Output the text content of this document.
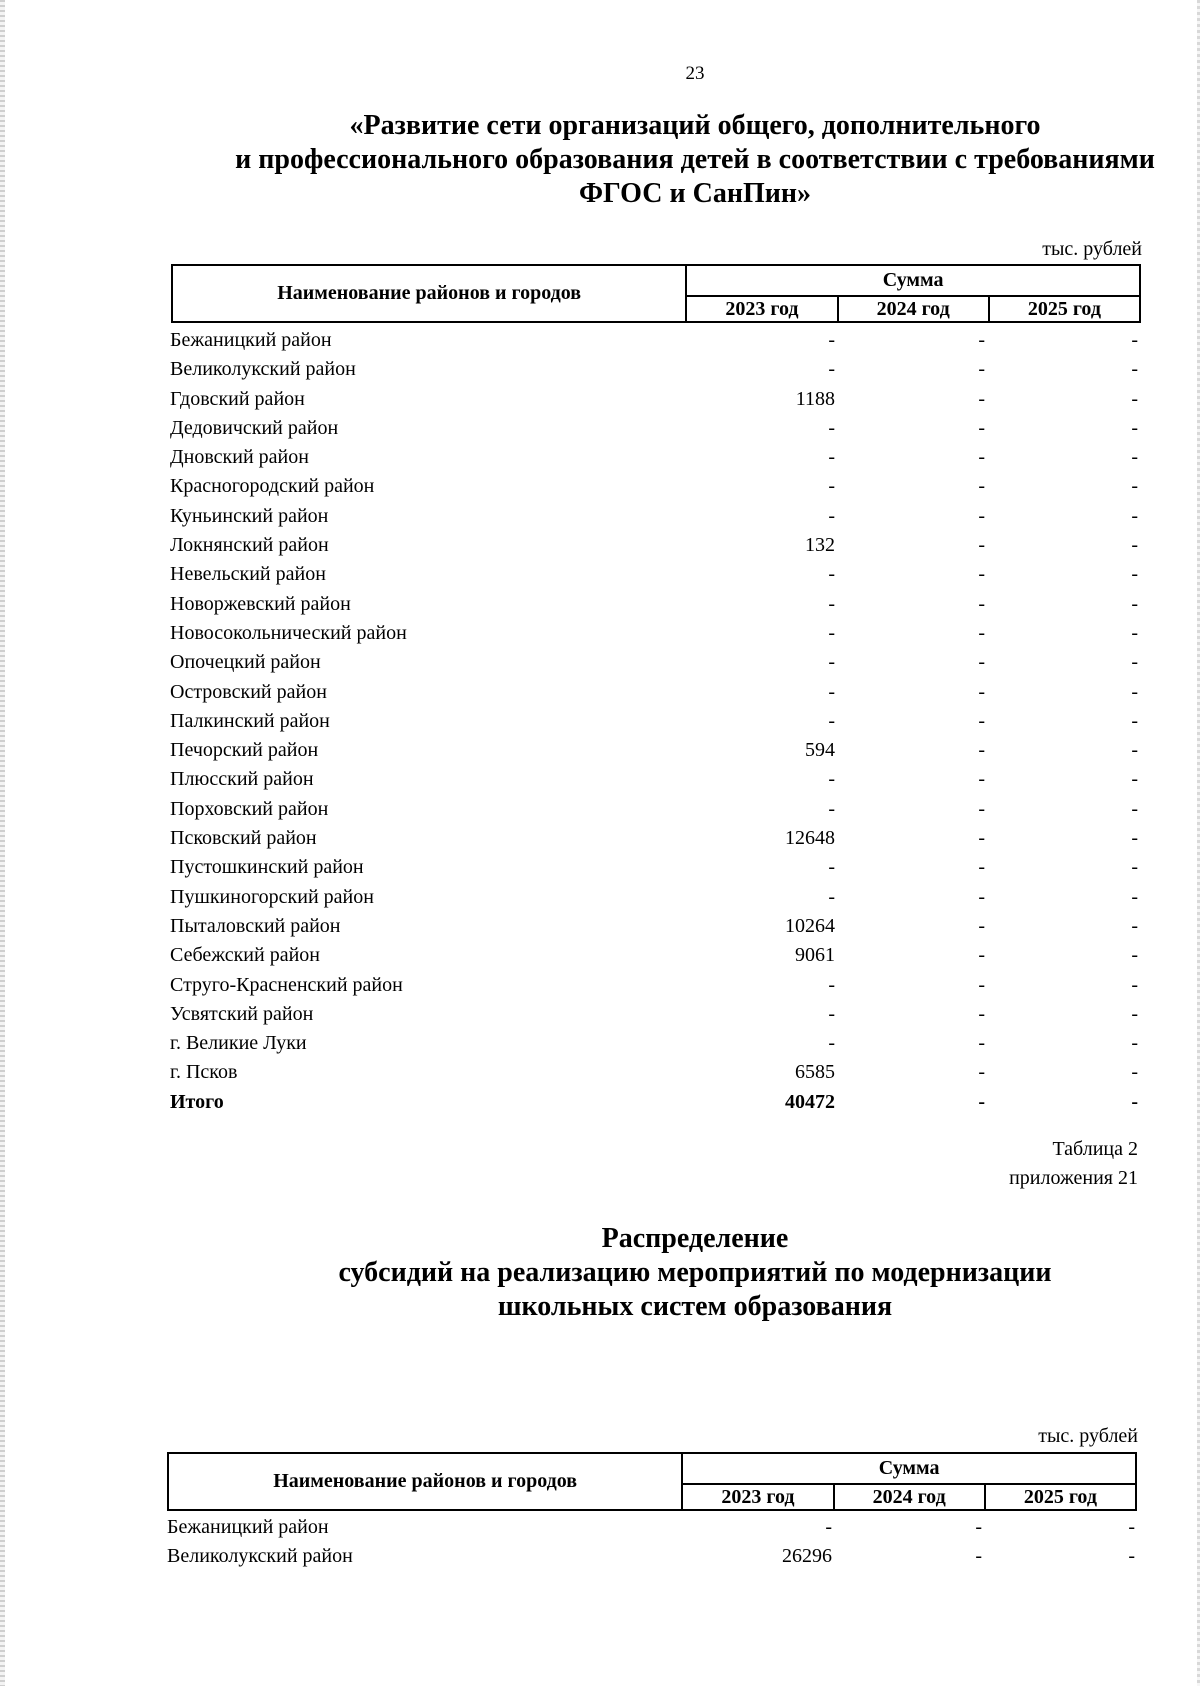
23
«Развитие сети организаций общего, дополнительного
и профессионального образования детей в соответствии с требованиями
ФГОС и СанПин»
тыс. рублей
Наименование районов и городов	Сумма		
	2023 год	2024 год	2025 год
Бежаницкий район	-	-	-
Великолукский район	-	-	-
Гдовский район	1188	-	-
Дедовичский район	-	-	-
Дновский район	-	-	-
Красногородский район	-	-	-
Куньинский район	-	-	-
Локнянский район	132	-	-
Невельский район	-	-	-
Новоржевский район	-	-	-
Новосокольнический район	-	-	-
Опочецкий район	-	-	-
Островский район	-	-	-
Палкинский район	-	-	-
Печорский район	594	-	-
Плюсский район	-	-	-
Порховский район	-	-	-
Псковский район	12648	-	-
Пустошкинский район	-	-	-
Пушкиногорский район	-	-	-
Пыталовский район	10264	-	-
Себежский район	9061	-	-
Струго-Красненский район	-	-	-
Усвятский район	-	-	-
г. Великие Луки	-	-	-
г. Псков	6585	-	-
Итого	40472	-	-
Таблица 2
приложения 21
Распределение
субсидий на реализацию мероприятий по модернизации
школьных систем образования
тыс. рублей
Наименование районов и городов	Сумма		
	2023 год	2024 год	2025 год
Бежаницкий район	-	-	-
Великолукский район	26296	-	-
